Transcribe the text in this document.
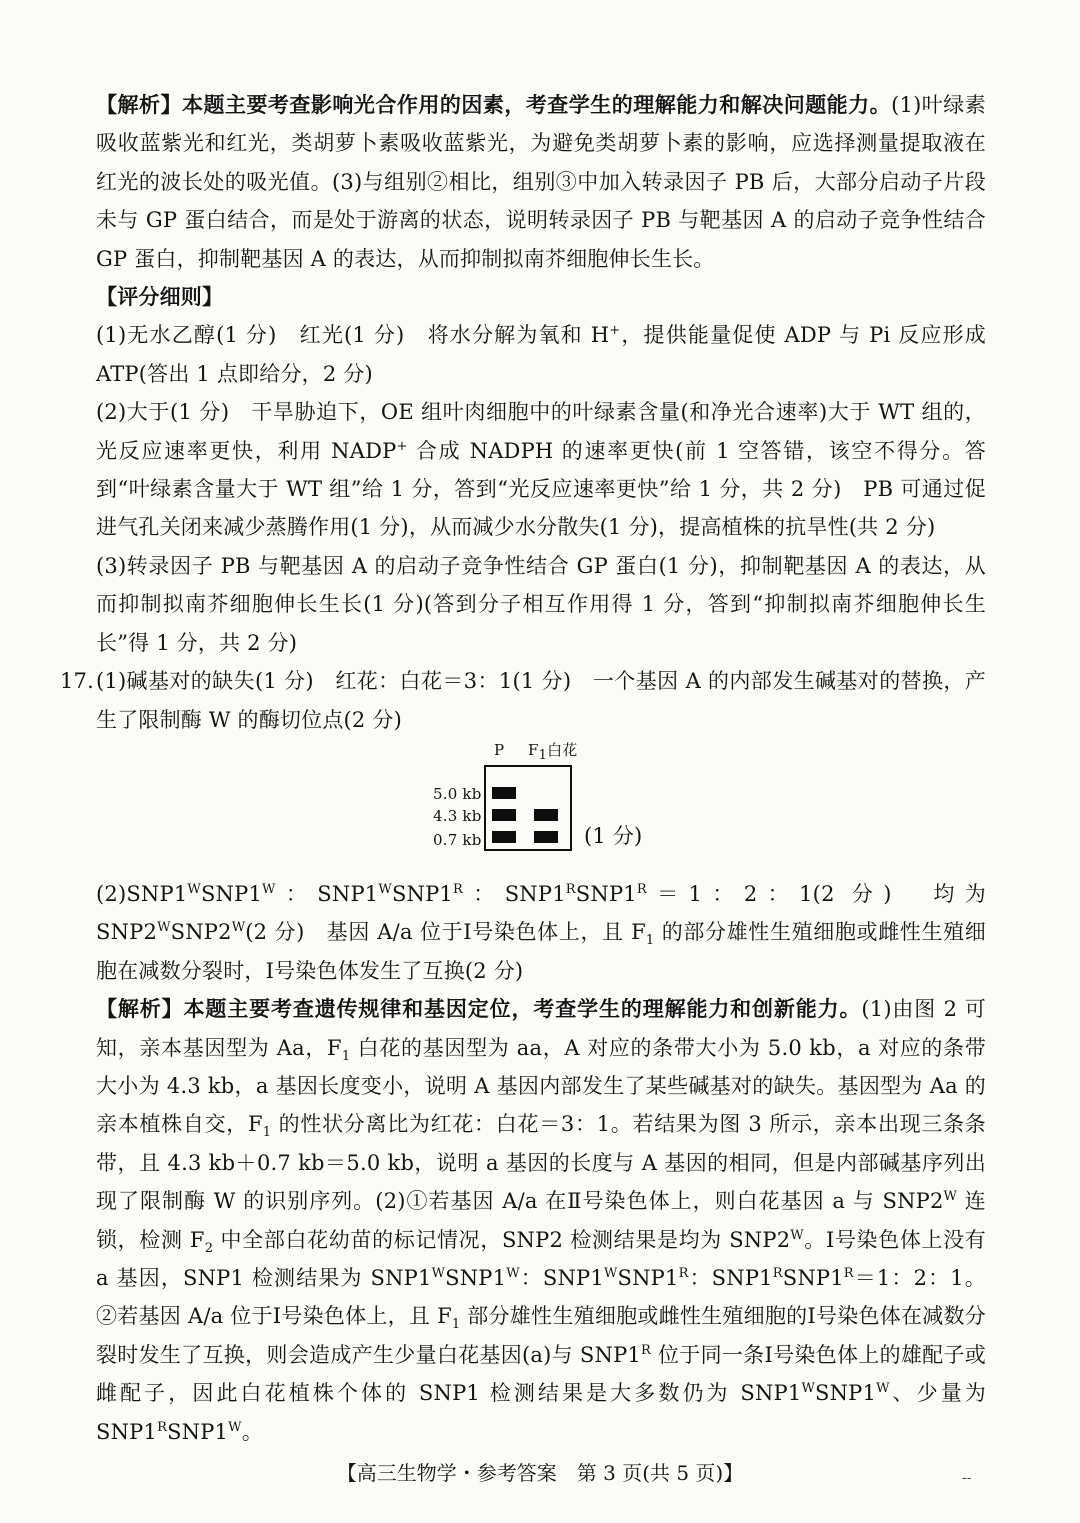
【解析】本题主要考查影响光合作用的因素，考查学生的理解能力和解决问题能力。(1)叶绿素吸收蓝紫光和红光，类胡萝卜素吸收蓝紫光，为避免类胡萝卜素的影响，应选择测量提取液在红光的波长处的吸光值。(3)与组别②相比，组别③中加入转录因子 PB 后，大部分启动子片段未与 GP 蛋白结合，而是处于游离的状态，说明转录因子 PB 与靶基因 A 的启动子竞争性结合 GP 蛋白，抑制靶基因 A 的表达，从而抑制拟南芥细胞伸长生长。

【评分细则】

(1)无水乙醇(1 分)　红光(1 分)　将水分解为氧和 H+，提供能量促使 ADP 与 Pi 反应形成 ATP(答出 1 点即给分，2 分)

(2)大于(1 分)　干旱胁迫下，OE 组叶肉细胞中的叶绿素含量(和净光合速率)大于 WT 组的，光反应速率更快，利用 NADP+ 合成 NADPH 的速率更快(前 1 空答错，该空不得分。答到“叶绿素含量大于 WT 组”给 1 分，答到“光反应速率更快”给 1 分，共 2 分)　PB 可通过促进气孔关闭来减少蒸腾作用(1 分)，从而减少水分散失(1 分)，提高植株的抗旱性(共 2 分)

(3)转录因子 PB 与靶基因 A 的启动子竞争性结合 GP 蛋白(1 分)，抑制靶基因 A 的表达，从而抑制拟南芥细胞伸长生长(1 分)(答到分子相互作用得 1 分，答到“抑制拟南芥细胞伸长生长”得 1 分，共 2 分)

17. (1)碱基对的缺失(1 分)　红花：白花＝3：1(1 分)　一个基因 A 的内部发生碱基对的替换，产生了限制酶 W 的酶切位点(2 分)

P $F_1$白花
5.0 kb
4.3 kb
0.7 kb	(1 分)

$(2)SNP1^WSNP1^W$：$SNP1^WSNP1^R$：$SNP1^RSNP1^R=1$：2：1(2 分)　均为 $SNP2^WSNP2^W(2$ 分)　基因 A/a 位于Ⅰ号染色体上，且 $F_1$ 的部分雄性生殖细胞或雌性生殖细胞在减数分裂时，Ⅰ号染色体发生了互换(2 分)

【解析】本题主要考查遗传规律和基因定位，考查学生的理解能力和创新能力。(1)由图 2 可知，亲本基因型为 Aa，$F_1$ 白花的基因型为 aa，A 对应的条带大小为 5.0 kb，a 对应的条带大小为 4.3 kb，a 基因长度变小，说明 A 基因内部发生了某些碱基对的缺失。基因型为 Aa 的亲本植株自交，$F_1$ 的性状分离比为红花：白花＝3：1。若结果为图 3 所示，亲本出现三条条带，且 4.3 kb＋0.7 kb＝5.0 kb，说明 a 基因的长度与 A 基因的相同，但是内部碱基序列出现了限制酶 W 的识别序列。(2)①若基因 A/a 在Ⅱ号染色体上，则白花基因 a 与 $SNP2^W$ 连锁，检测 $F_2$ 中全部白花幼苗的标记情况，SNP2 检测结果是均为 $SNP2^W$。Ⅰ号染色体上没有 a 基因，SNP1 检测结果为 $SNP1^WSNP1^W$：$SNP1^WSNP1^R$：$SNP1^RSNP1^R=1$：2：1。②若基因 A/a 位于Ⅰ号染色体上，且 $F_1$ 部分雄性生殖细胞或雌性生殖细胞的Ⅰ号染色体在减数分裂时发生了互换，则会造成产生少量白花基因(a)与 $SNP1^R$ 位于同一条Ⅰ号染色体上的雄配子或雌配子，因此白花植株个体的 SNP1 检测结果是大多数仍为 $SNP1^WSNP1^W$、少量为 $SNP1^RSNP1^W$。

【高三生物学・参考答案　第 3 页(共 5 页)】	--
